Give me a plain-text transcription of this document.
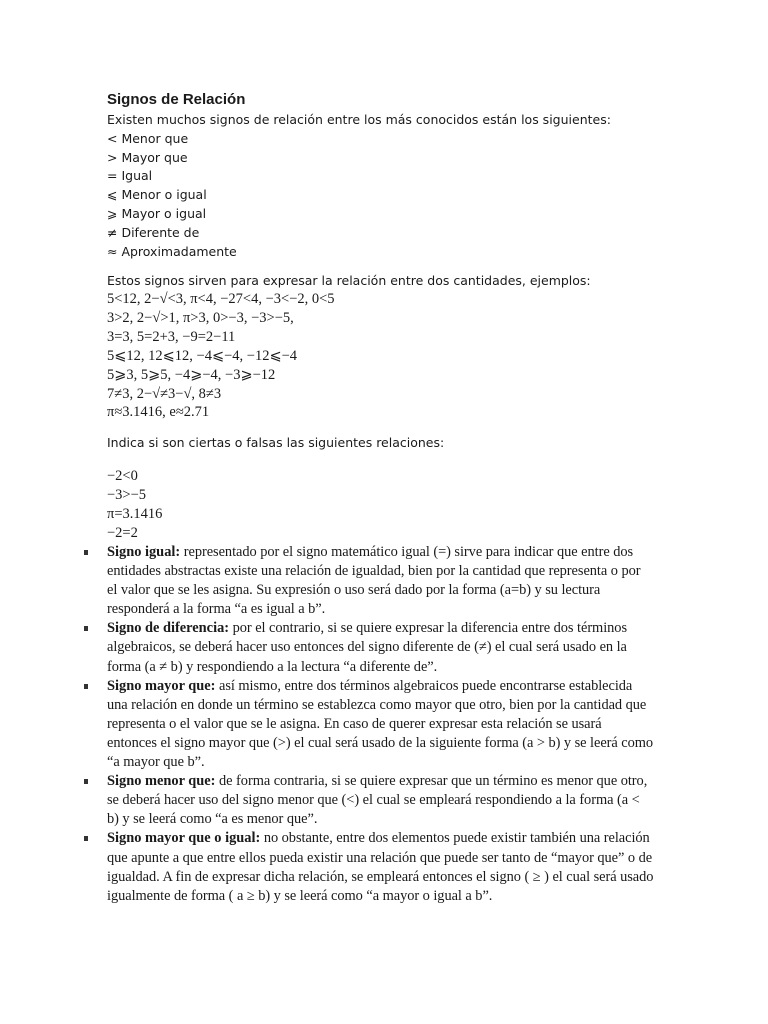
Signos de Relación
Existen muchos signos de relación entre los más conocidos están los siguientes:
< Menor que
> Mayor que
= Igual
⩽ Menor o igual
⩾ Mayor o igual
≠ Diferente de
≈ Aproximadamente
Estos signos sirven para expresar la relación entre dos cantidades, ejemplos:
5<12, 2−√<3, π<4, −27<4, −3<−2, 0<5
3>2, 2−√>1, π>3, 0>−3, −3>−5,
3=3, 5=2+3, −9=2−11
5⩽12, 12⩽12, −4⩽−4, −12⩽−4
5⩾3, 5⩾5, −4⩾−4, −3⩾−12
7≠3, 2−√≠3−√, 8≠3
π≈3.1416, e≈2.71
Indica si son ciertas o falsas las siguientes relaciones:
−2<0
−3>−5
π=3.1416
−2=2
Signo igual: representado por el signo matemático igual (=) sirve para indicar que entre dos entidades abstractas existe una relación de igualdad, bien por la cantidad que representa o por el valor que se les asigna. Su expresión o uso será dado por la forma (a=b) y su lectura responderá a la forma “a es igual a b”.
Signo de diferencia: por el contrario, si se quiere expresar la diferencia entre dos términos algebraicos, se deberá hacer uso entonces del signo diferente de (≠) el cual será usado en la forma (a ≠ b) y respondiendo a la lectura “a diferente de”.
Signo mayor que: así mismo, entre dos términos algebraicos puede encontrarse establecida una relación en donde un término se establezca como mayor que otro, bien por la cantidad que representa o el valor que se le asigna. En caso de querer expresar esta relación se usará entonces el signo mayor que (>) el cual será usado de la siguiente forma (a > b) y se leerá como “a mayor que b”.
Signo menor que: de forma contraria, si se quiere expresar que un término es menor que otro, se deberá hacer uso del signo menor que (<) el cual se empleará respondiendo a la forma (a < b) y se leerá como “a es menor que”.
Signo mayor que o igual: no obstante, entre dos elementos puede existir también una relación que apunte a que entre ellos pueda existir una relación que puede ser tanto de “mayor que” o de igualdad. A fin de expresar dicha relación, se empleará entonces el signo ( ≥ ) el cual será usado igualmente de forma ( a ≥ b) y se leerá como “a mayor o igual a b”.
